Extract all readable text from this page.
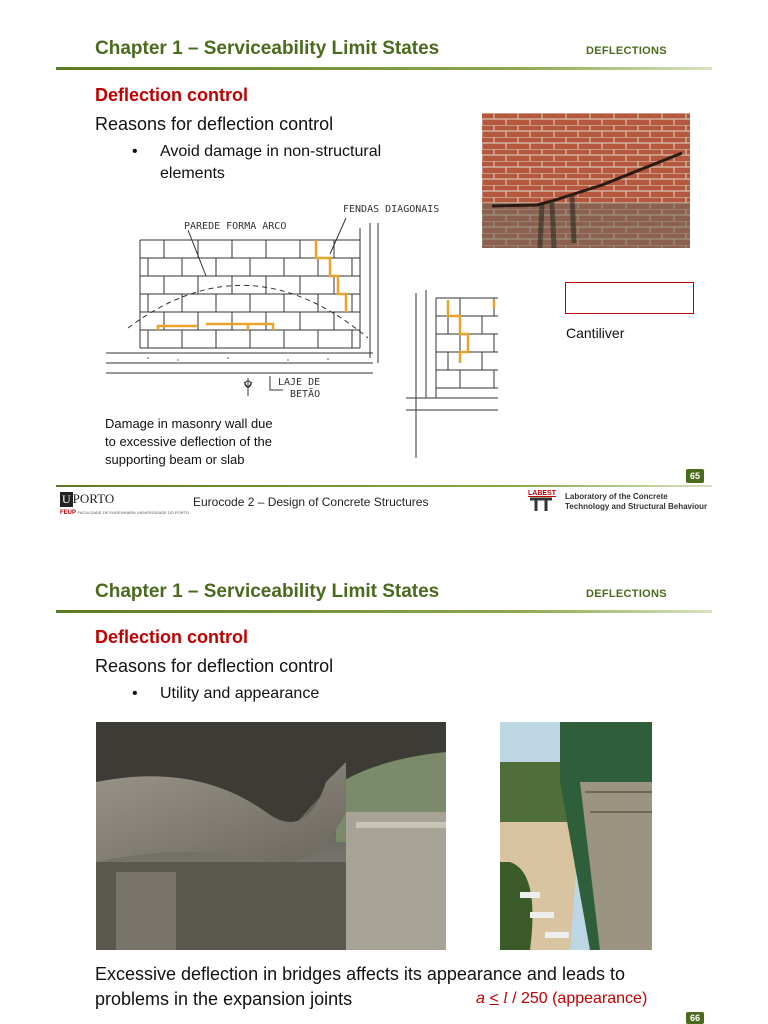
Chapter 1 – Serviceability Limit States	DEFLECTIONS
Deflection control
Reasons for deflection control
• Avoid damage in non-structural
elements
PAREDE FORMA ARCO
FENDAS DIAGONAIS
LAJE DE
BETÃO
Cantiliver
Damage in masonry wall due
to excessive deflection of the
supporting beam or slab
65
U PORTO
FEUP FACULDADE DE ENGENHARIA UNIVERSIDADE DO PORTO
Eurocode 2 – Design of Concrete Structures
LABEST Laboratory of the Concrete
Technology and Structural Behaviour
Chapter 1 – Serviceability Limit States	DEFLECTIONS
Deflection control
Reasons for deflection control
• Utility and appearance
Excessive deflection in bridges affects its appearance and leads to
problems in the expansion joints	a ≤ l / 250 (appearance)
66
